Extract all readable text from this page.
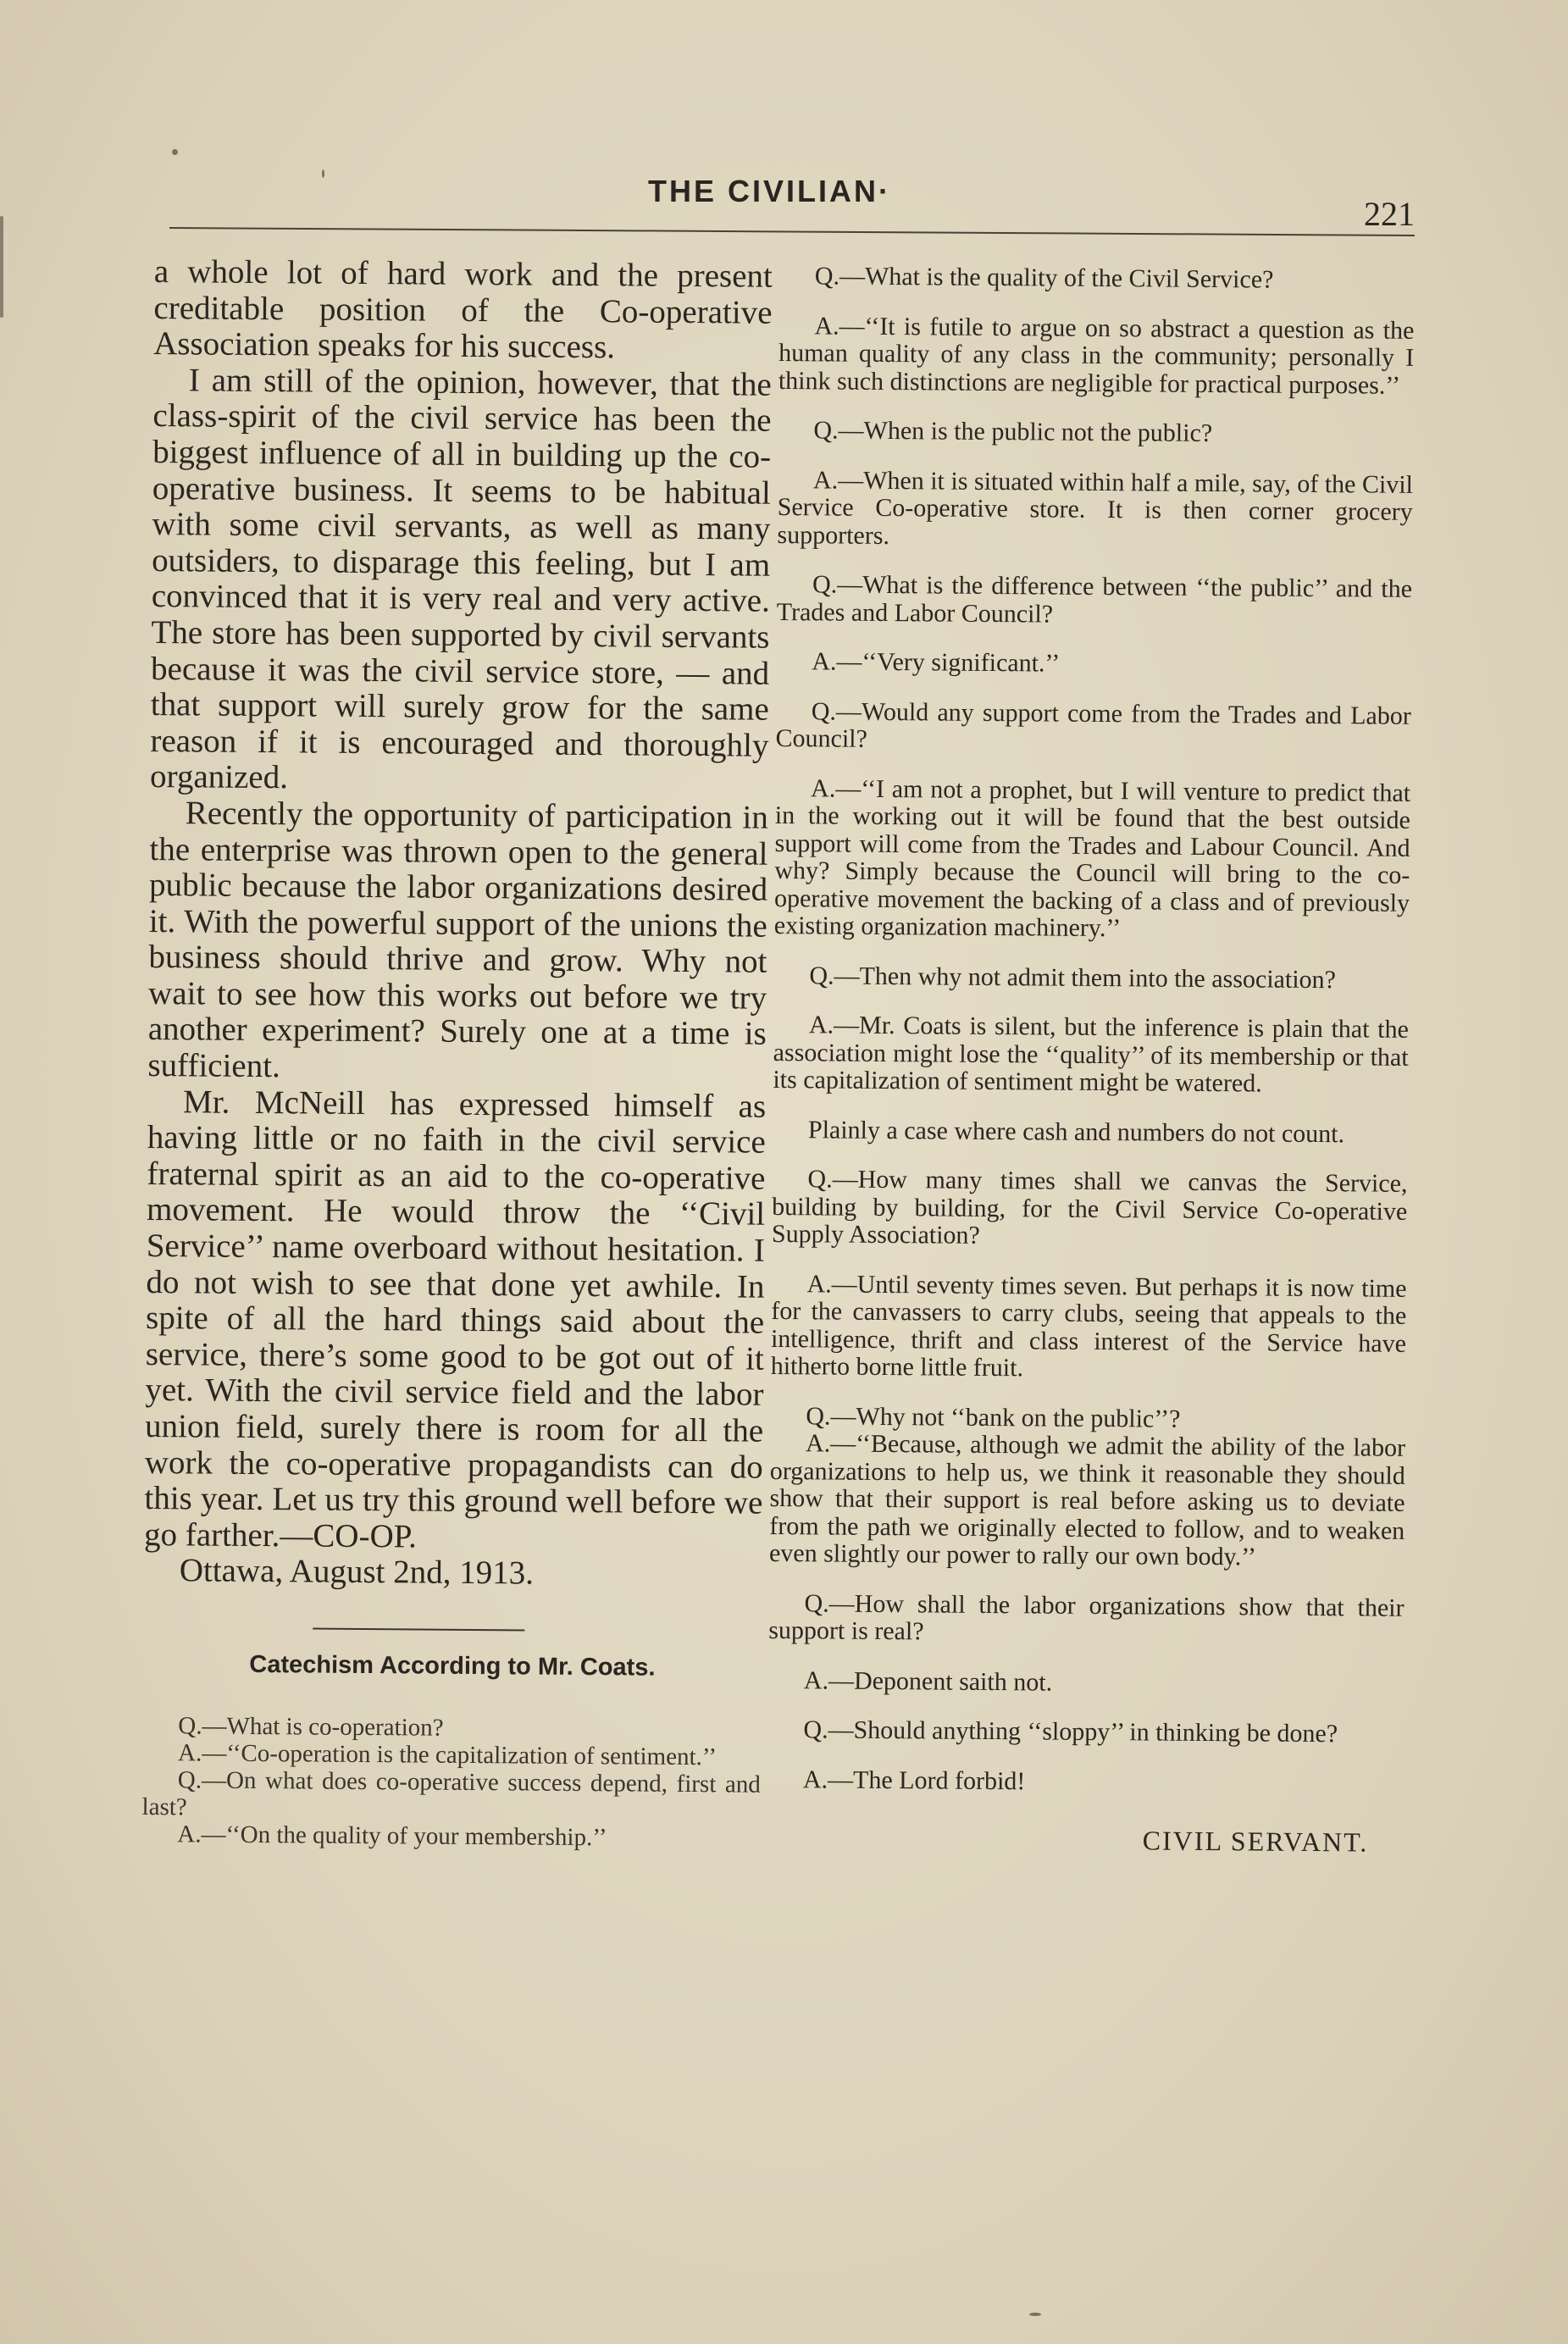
THE CIVILIAN·
221

a whole lot of hard work and the present creditable position of the Co-operative Association speaks for his success.

I am still of the opinion, however, that the class-spirit of the civil service has been the biggest influence of all in building up the co-operative business. It seems to be habitual with some civil servants, as well as many outsiders, to disparage this feeling, but I am convinced that it is very real and very active. The store has been supported by civil servants because it was the civil service store, — and that support will surely grow for the same reason if it is encouraged and thoroughly organized.

Recently the opportunity of participation in the enterprise was thrown open to the general public because the labor organizations desired it. With the powerful support of the unions the business should thrive and grow. Why not wait to see how this works out before we try another experiment? Surely one at a time is sufficient.

Mr. McNeill has expressed himself as having little or no faith in the civil service fraternal spirit as an aid to the co-operative movement. He would throw the ‘‘Civil Service’’ name overboard without hesitation. I do not wish to see that done yet awhile. In spite of all the hard things said about the service, there’s some good to be got out of it yet. With the civil service field and the labor union field, surely there is room for all the work the co-operative propagandists can do this year. Let us try this ground well before we go farther.—CO-OP.

Ottawa, August 2nd, 1913.

Catechism According to Mr. Coats.

Q.—What is co-operation?

A.—‘‘Co-operation is the capitalization of sentiment.’’

Q.—On what does co-operative success depend, first and last?

A.—‘‘On the quality of your membership.’’

Q.—What is the quality of the Civil Service?

A.—‘‘It is futile to argue on so abstract a question as the human quality of any class in the community; personally I think such distinctions are negligible for practical purposes.’’

Q.—When is the public not the public?

A.—When it is situated within half a mile, say, of the Civil Service Co-operative store. It is then corner grocery supporters.

Q.—What is the difference between ‘‘the public’’ and the Trades and Labor Council?

A.—‘‘Very significant.’’

Q.—Would any support come from the Trades and Labor Council?

A.—‘‘I am not a prophet, but I will venture to predict that in the working out it will be found that the best outside support will come from the Trades and Labour Council. And why? Simply because the Council will bring to the co-operative movement the backing of a class and of previously existing organization machinery.’’

Q.—Then why not admit them into the association?

A.—Mr. Coats is silent, but the inference is plain that the association might lose the ‘‘quality’’ of its membership or that its capitalization of sentiment might be watered.

Plainly a case where cash and numbers do not count.

Q.—How many times shall we canvas the Service, building by building, for the Civil Service Co-operative Supply Association?

A.—Until seventy times seven. But perhaps it is now time for the canvassers to carry clubs, seeing that appeals to the intelligence, thrift and class interest of the Service have hitherto borne little fruit.

Q.—Why not ‘‘bank on the public’’?

A.—‘‘Because, although we admit the ability of the labor organizations to help us, we think it reasonable they should show that their support is real before asking us to deviate from the path we originally elected to follow, and to weaken even slightly our power to rally our own body.’’

Q.—How shall the labor organizations show that their support is real?

A.—Deponent saith not.

Q.—Should anything ‘‘sloppy’’ in thinking be done?

A.—The Lord forbid!

CIVIL SERVANT.
